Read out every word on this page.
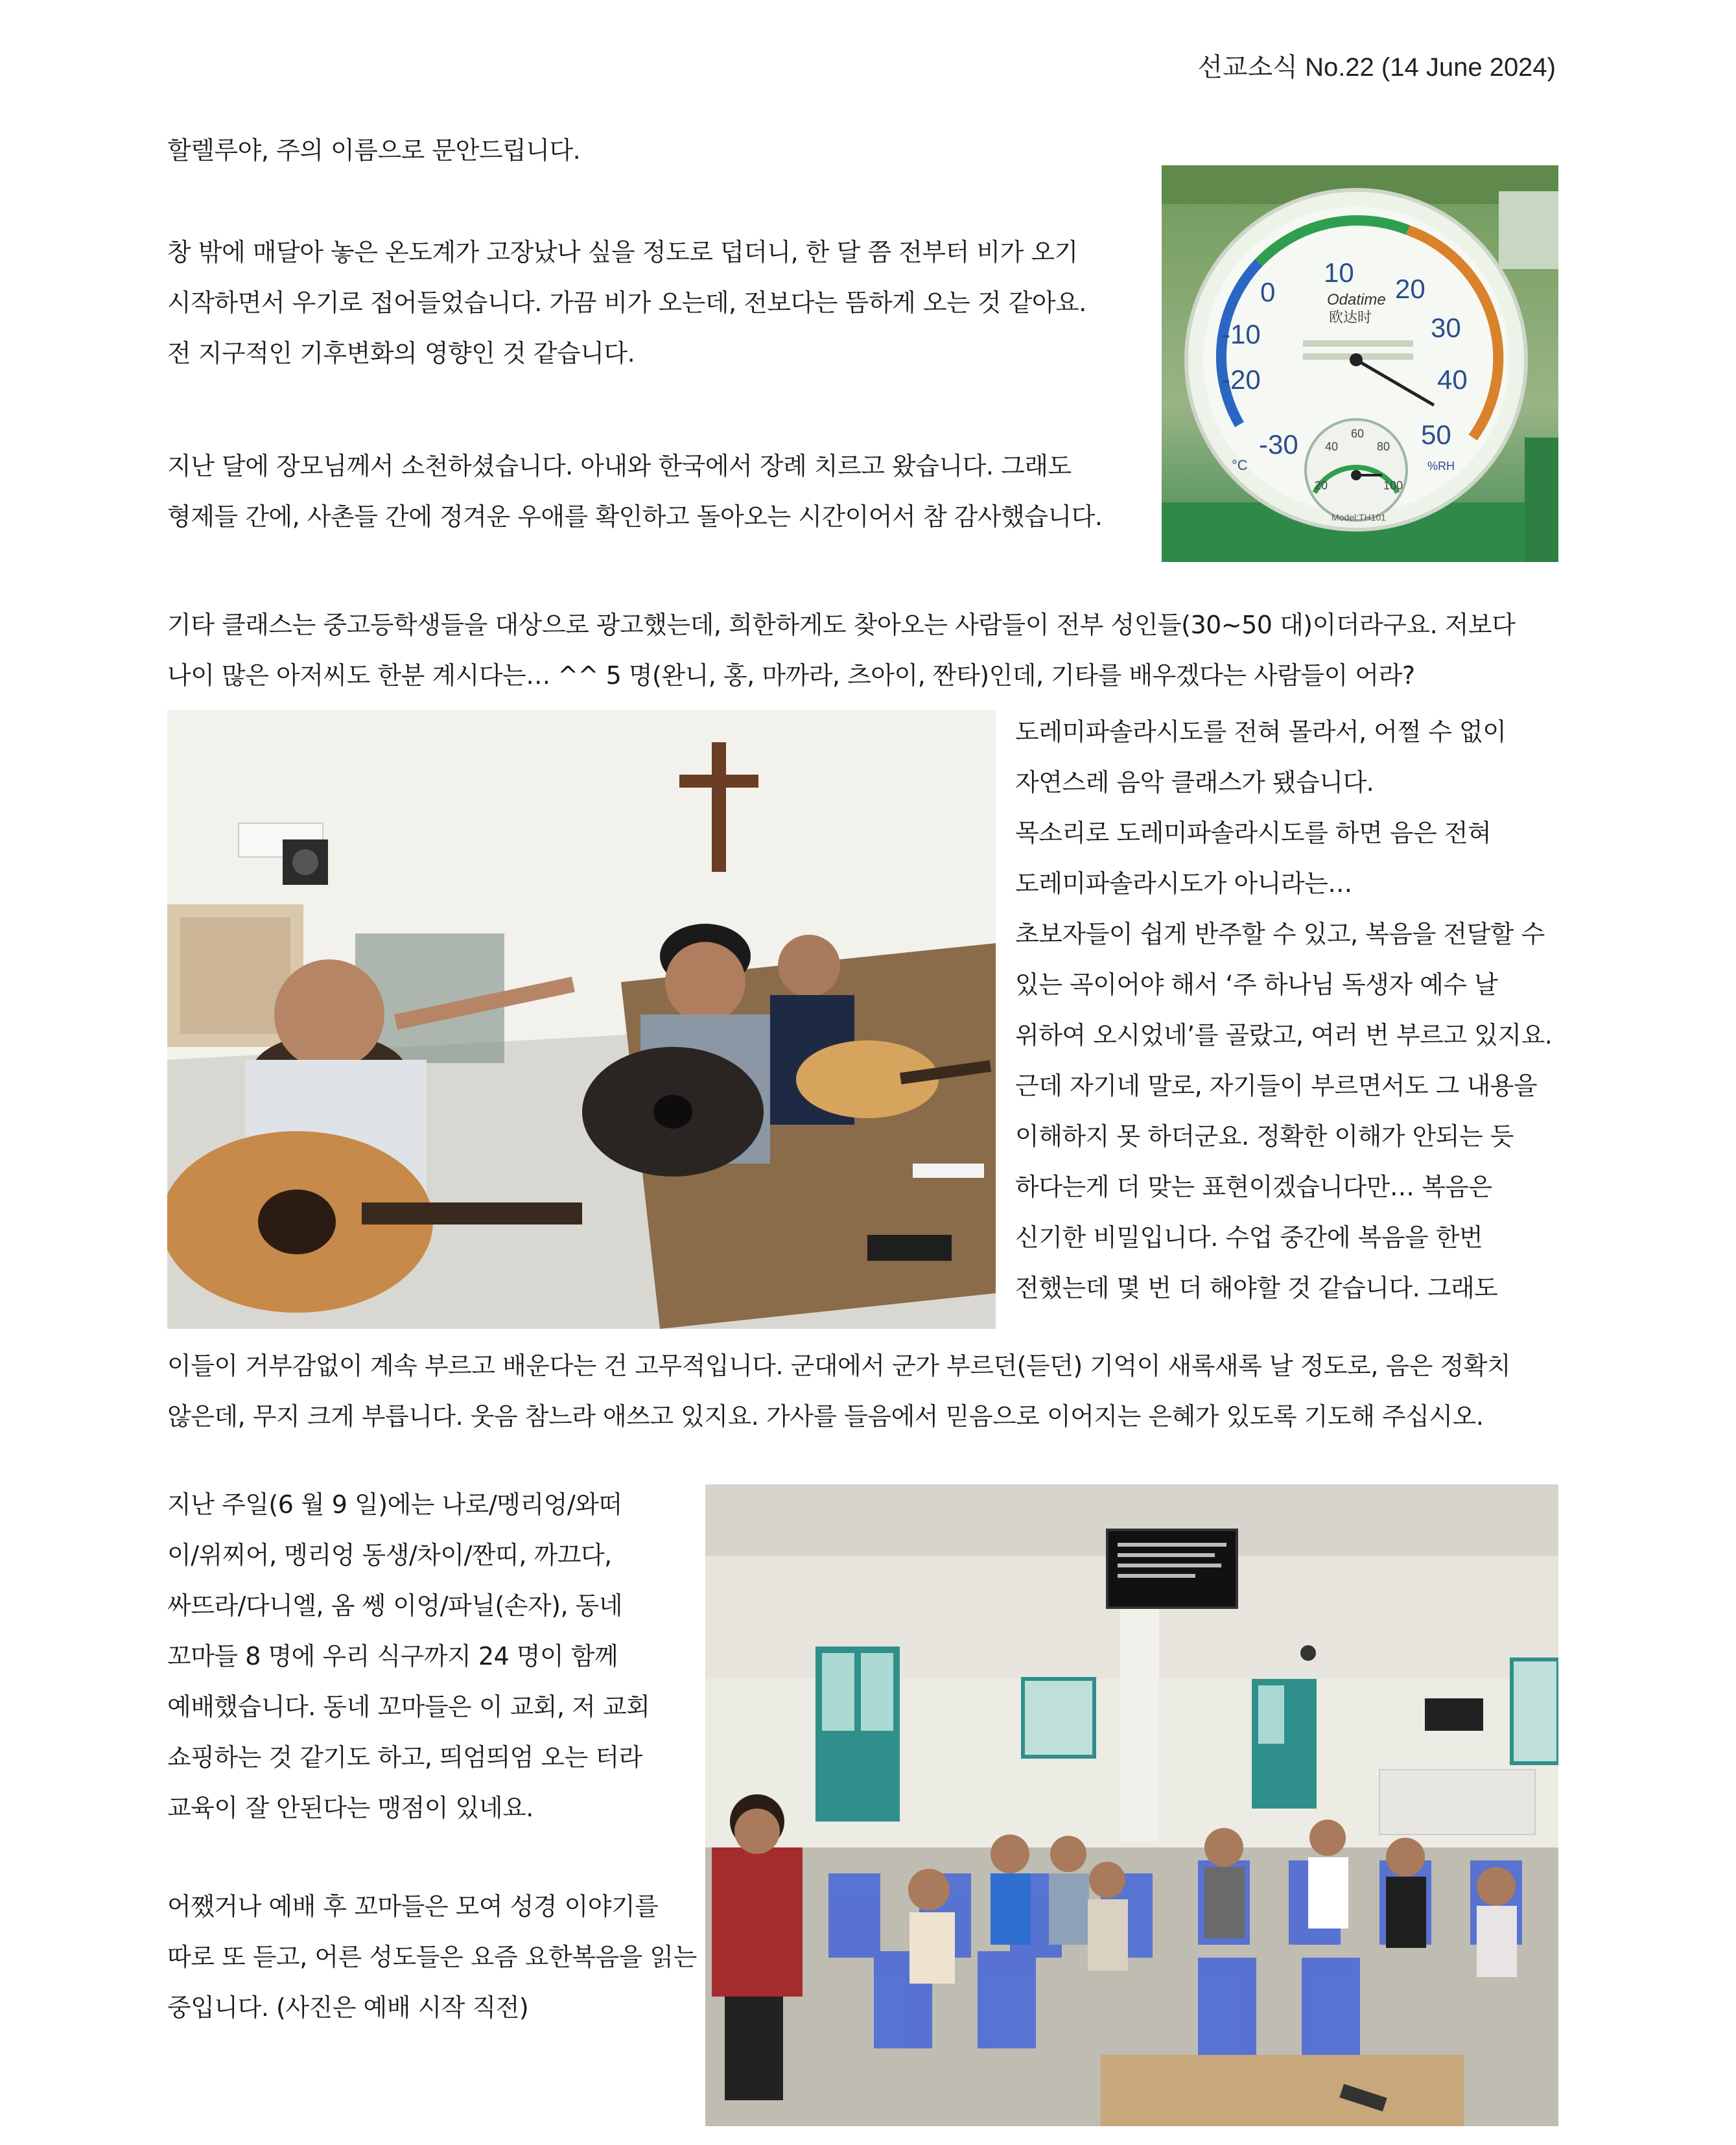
선교소식 No.22 (14 June 2024)
할렐루야, 주의 이름으로 문안드립니다.
창 밖에 매달아 놓은 온도계가 고장났나 싶을 정도로 덥더니, 한 달 쯤 전부터 비가 오기
시작하면서 우기로 접어들었습니다. 가끔 비가 오는데, 전보다는 뜸하게 오는 것 같아요.
전 지구적인 기후변화의 영향인 것 같습니다.
지난 달에 장모님께서 소천하셨습니다. 아내와 한국에서 장례 치르고 왔습니다. 그래도
형제들 간에, 사촌들 간에 정겨운 우애를 확인하고 돌아오는 시간이어서 참 감사했습니다.
-30
-20
-10
0
10
20
30
40
50
Odatime
欧达时
20
40
60
80
100
°C	%RH
Model:TH101
기타 클래스는 중고등학생들을 대상으로 광고했는데, 희한하게도 찾아오는 사람들이 전부 성인들(30~50 대)이더라구요. 저보다
나이 많은 아저씨도 한분 계시다는… ^^ 5 명(완니, 홍, 마까라, 츠아이, 짠타)인데, 기타를 배우겠다는 사람들이 어라?
도레미파솔라시도를 전혀 몰라서, 어쩔 수 없이
자연스레 음악 클래스가 됐습니다.
목소리로 도레미파솔라시도를 하면 음은 전혀
도레미파솔라시도가 아니라는…
초보자들이 쉽게 반주할 수 있고, 복음을 전달할 수
있는 곡이어야 해서 ‘주 하나님 독생자 예수 날
위하여 오시었네’를 골랐고, 여러 번 부르고 있지요.
근데 자기네 말로, 자기들이 부르면서도 그 내용을
이해하지 못 하더군요. 정확한 이해가 안되는 듯
하다는게 더 맞는 표현이겠습니다만… 복음은
신기한 비밀입니다. 수업 중간에 복음을 한번
전했는데 몇 번 더 해야할 것 같습니다. 그래도
이들이 거부감없이 계속 부르고 배운다는 건 고무적입니다. 군대에서 군가 부르던(듣던) 기억이 새록새록 날 정도로, 음은 정확치
않은데, 무지 크게 부릅니다. 웃음 참느라 애쓰고 있지요. 가사를 들음에서 믿음으로 이어지는 은혜가 있도록 기도해 주십시오.
지난 주일(6 월 9 일)에는 나로/멩리엉/와떠
이/위찌어, 멩리엉 동생/차이/짠띠, 까끄다,
싸뜨라/다니엘, 옴 쎙 이엉/파닐(손자), 동네
꼬마들 8 명에 우리 식구까지 24 명이 함께
예배했습니다. 동네 꼬마들은 이 교회, 저 교회
쇼핑하는 것 같기도 하고, 띄엄띄엄 오는 터라
교육이 잘 안된다는 맹점이 있네요.
어쨌거나 예배 후 꼬마들은 모여 성경 이야기를
따로 또 듣고, 어른 성도들은 요즘 요한복음을 읽는
중입니다. (사진은 예배 시작 직전)
